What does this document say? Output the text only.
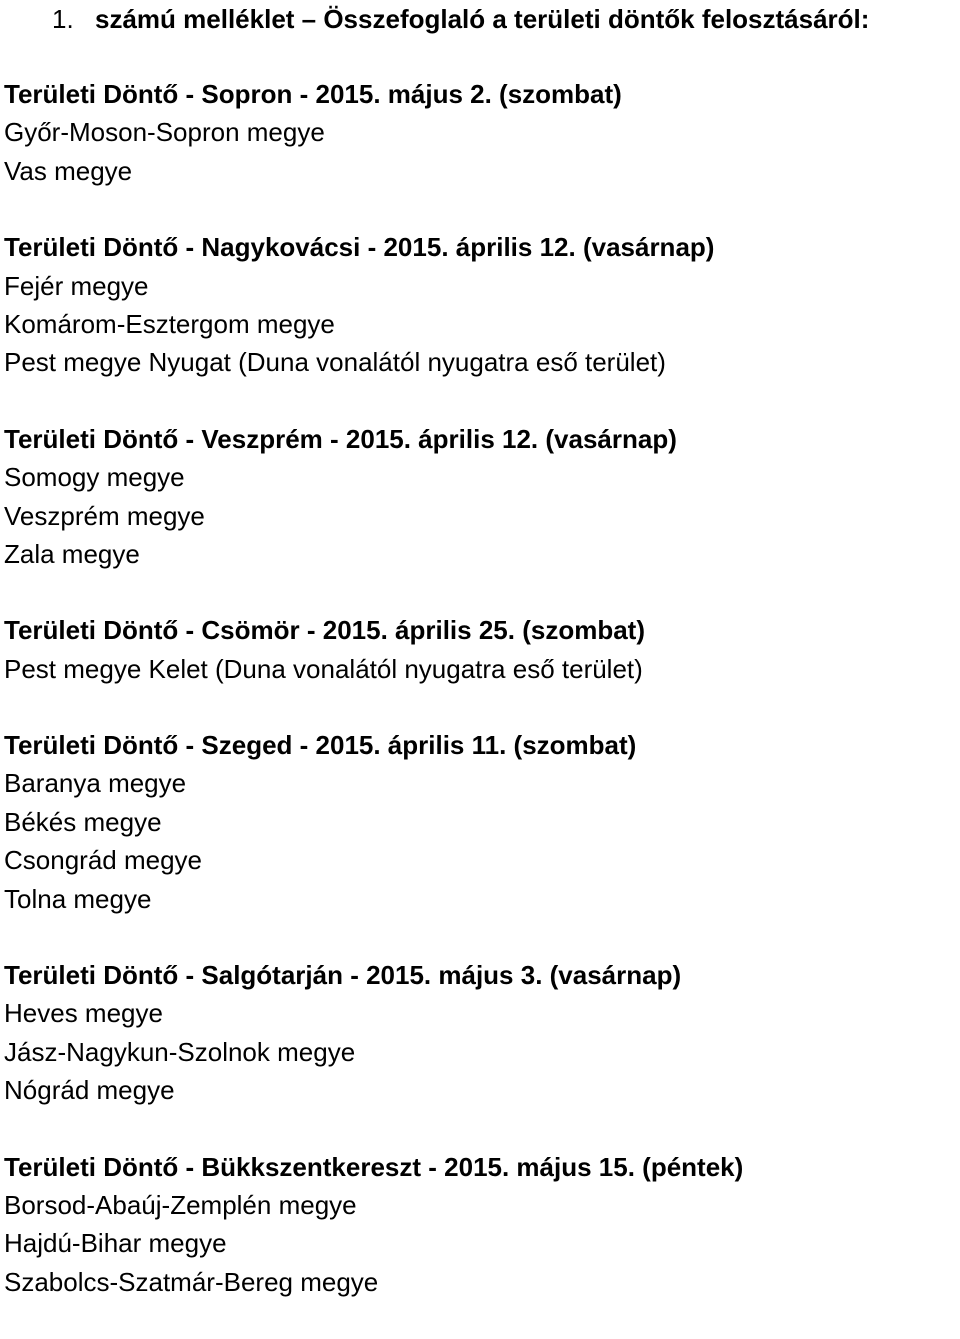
1. számú melléklet – Összefoglaló a területi döntők felosztásáról:
Területi Döntő - Sopron - 2015. május 2. (szombat)
Győr-Moson-Sopron megye
Vas megye
Területi Döntő - Nagykovácsi - 2015. április 12. (vasárnap)
Fejér megye
Komárom-Esztergom megye
Pest megye Nyugat (Duna vonalától nyugatra eső terület)
Területi Döntő - Veszprém - 2015. április 12. (vasárnap)
Somogy megye
Veszprém megye
Zala megye
Területi Döntő - Csömör - 2015. április 25. (szombat)
Pest megye Kelet (Duna vonalától nyugatra eső terület)
Területi Döntő - Szeged - 2015. április 11. (szombat)
Baranya megye
Békés megye
Csongrád megye
Tolna megye
Területi Döntő - Salgótarján - 2015. május 3. (vasárnap)
Heves megye
Jász-Nagykun-Szolnok megye
Nógrád megye
Területi Döntő - Bükkszentkereszt - 2015. május 15. (péntek)
Borsod-Abaúj-Zemplén megye
Hajdú-Bihar megye
Szabolcs-Szatmár-Bereg megye
